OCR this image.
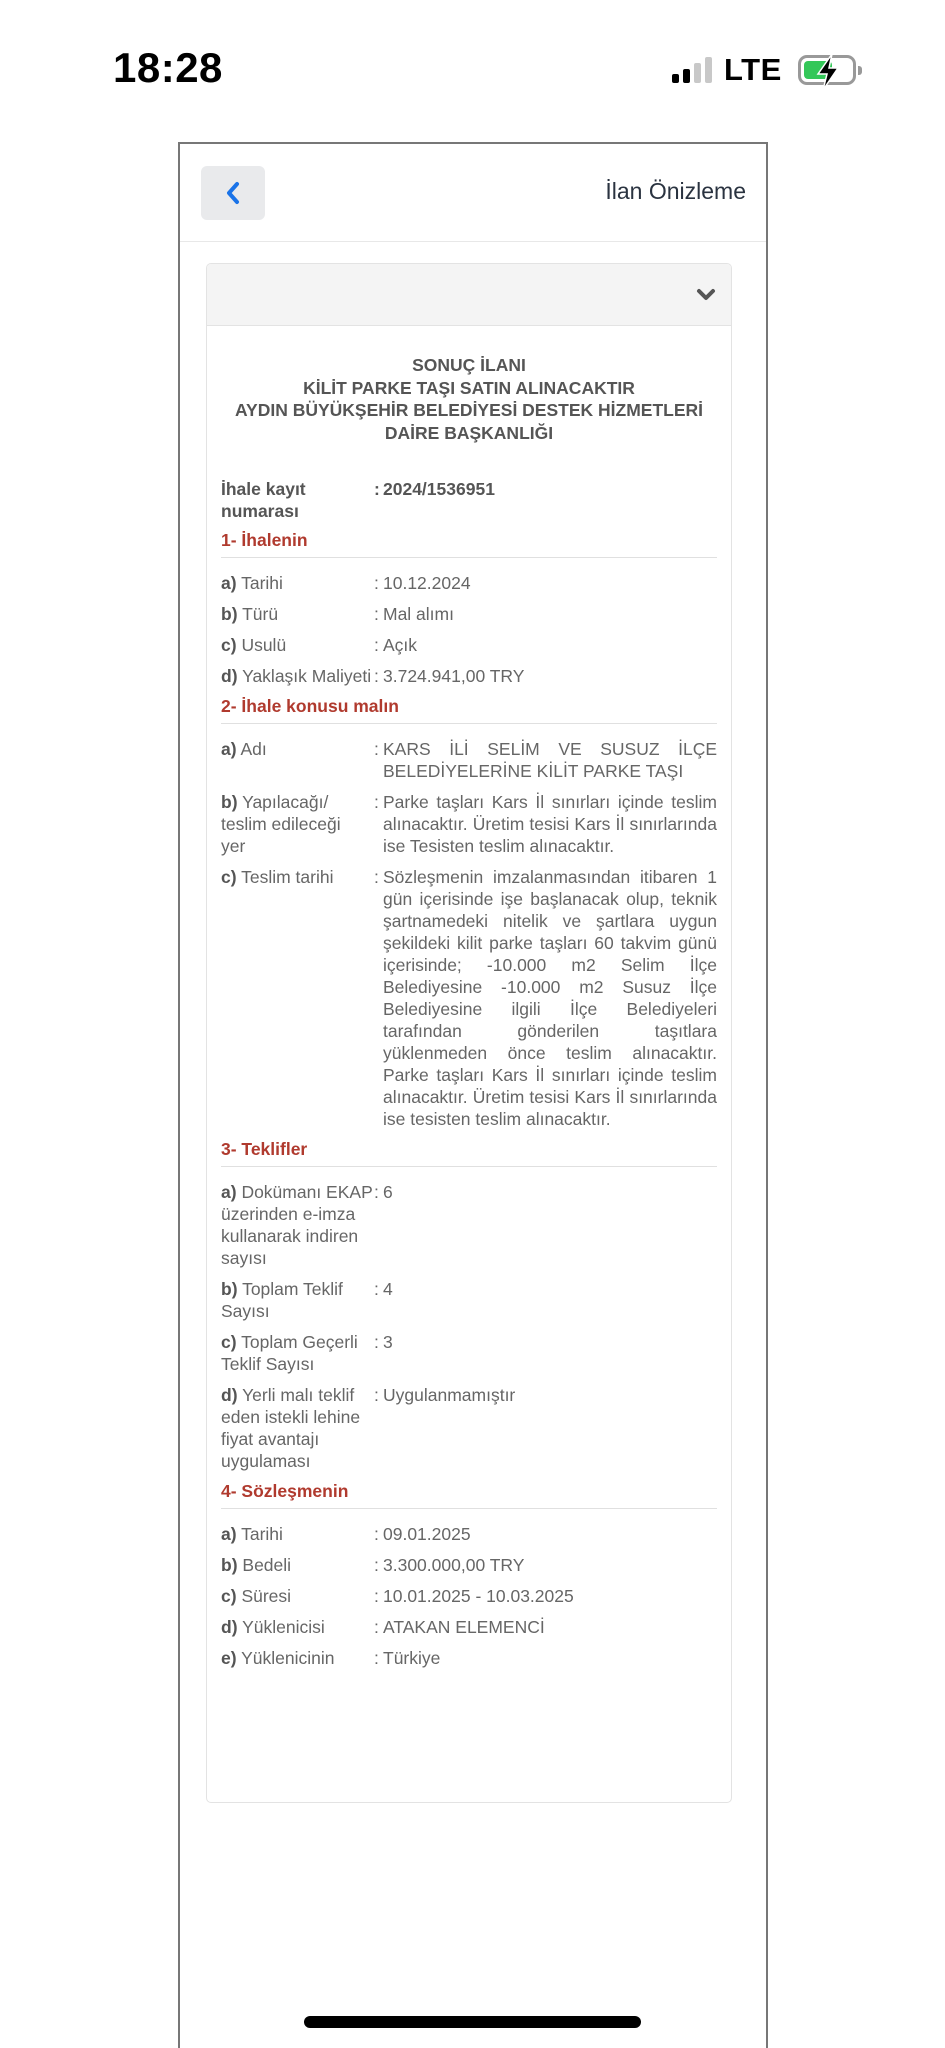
18:28	LTE
İlan Önizleme
SONUÇ İLANI
KİLİT PARKE TAŞI SATIN ALINACAKTIR
AYDIN BÜYÜKŞEHİR BELEDİYESİ DESTEK HİZMETLERİ
DAİRE BAŞKANLIĞI
İhale kayıt numarası
: 2024/1536951
1- İhalenin
a) Tarihi	: 10.12.2024
b) Türü	: Mal alımı
c) Usulü	: Açık
d) Yaklaşık Maliyeti : 3.724.941,00 TRY
2- İhale konusu malın
a) Adı	: KARS İLİ SELİM VE SUSUZ İLÇE BELEDİYELERİNE KİLİT PARKE TAŞI
b) Yapılacağı/ teslim edileceği yer
: Parke taşları Kars İl sınırları içinde teslim alınacaktır. Üretim tesisi Kars İl sınırlarında ise Tesisten teslim alınacaktır.
c) Teslim tarihi	: Sözleşmenin imzalanmasından itibaren 1 gün içerisinde işe başlanacak olup, teknik şartnamedeki nitelik ve şartlara uygun şekildeki kilit parke taşları 60 takvim günü içerisinde; -10.000 m2 Selim İlçe Belediyesine -10.000 m2 Susuz İlçe Belediyesine ilgili İlçe Belediyeleri tarafından gönderilen taşıtlara yüklenmeden önce teslim alınacaktır. Parke taşları Kars İl sınırları içinde teslim alınacaktır. Üretim tesisi Kars İl sınırlarında ise tesisten teslim alınacaktır.
3- Teklifler
a) Dokümanı EKAP üzerinden e-imza kullanarak indiren sayısı
: 6
b) Toplam Teklif Sayısı
: 4
c) Toplam Geçerli Teklif Sayısı
: 3
d) Yerli malı teklif eden istekli lehine fiyat avantajı uygulaması
: Uygulanmamıştır
4- Sözleşmenin
a) Tarihi	: 09.01.2025
b) Bedeli	: 3.300.000,00 TRY
c) Süresi	: 10.01.2025 - 10.03.2025
d) Yüklenicisi	: ATAKAN ELEMENCİ
e) Yüklenicinin	: Türkiye
